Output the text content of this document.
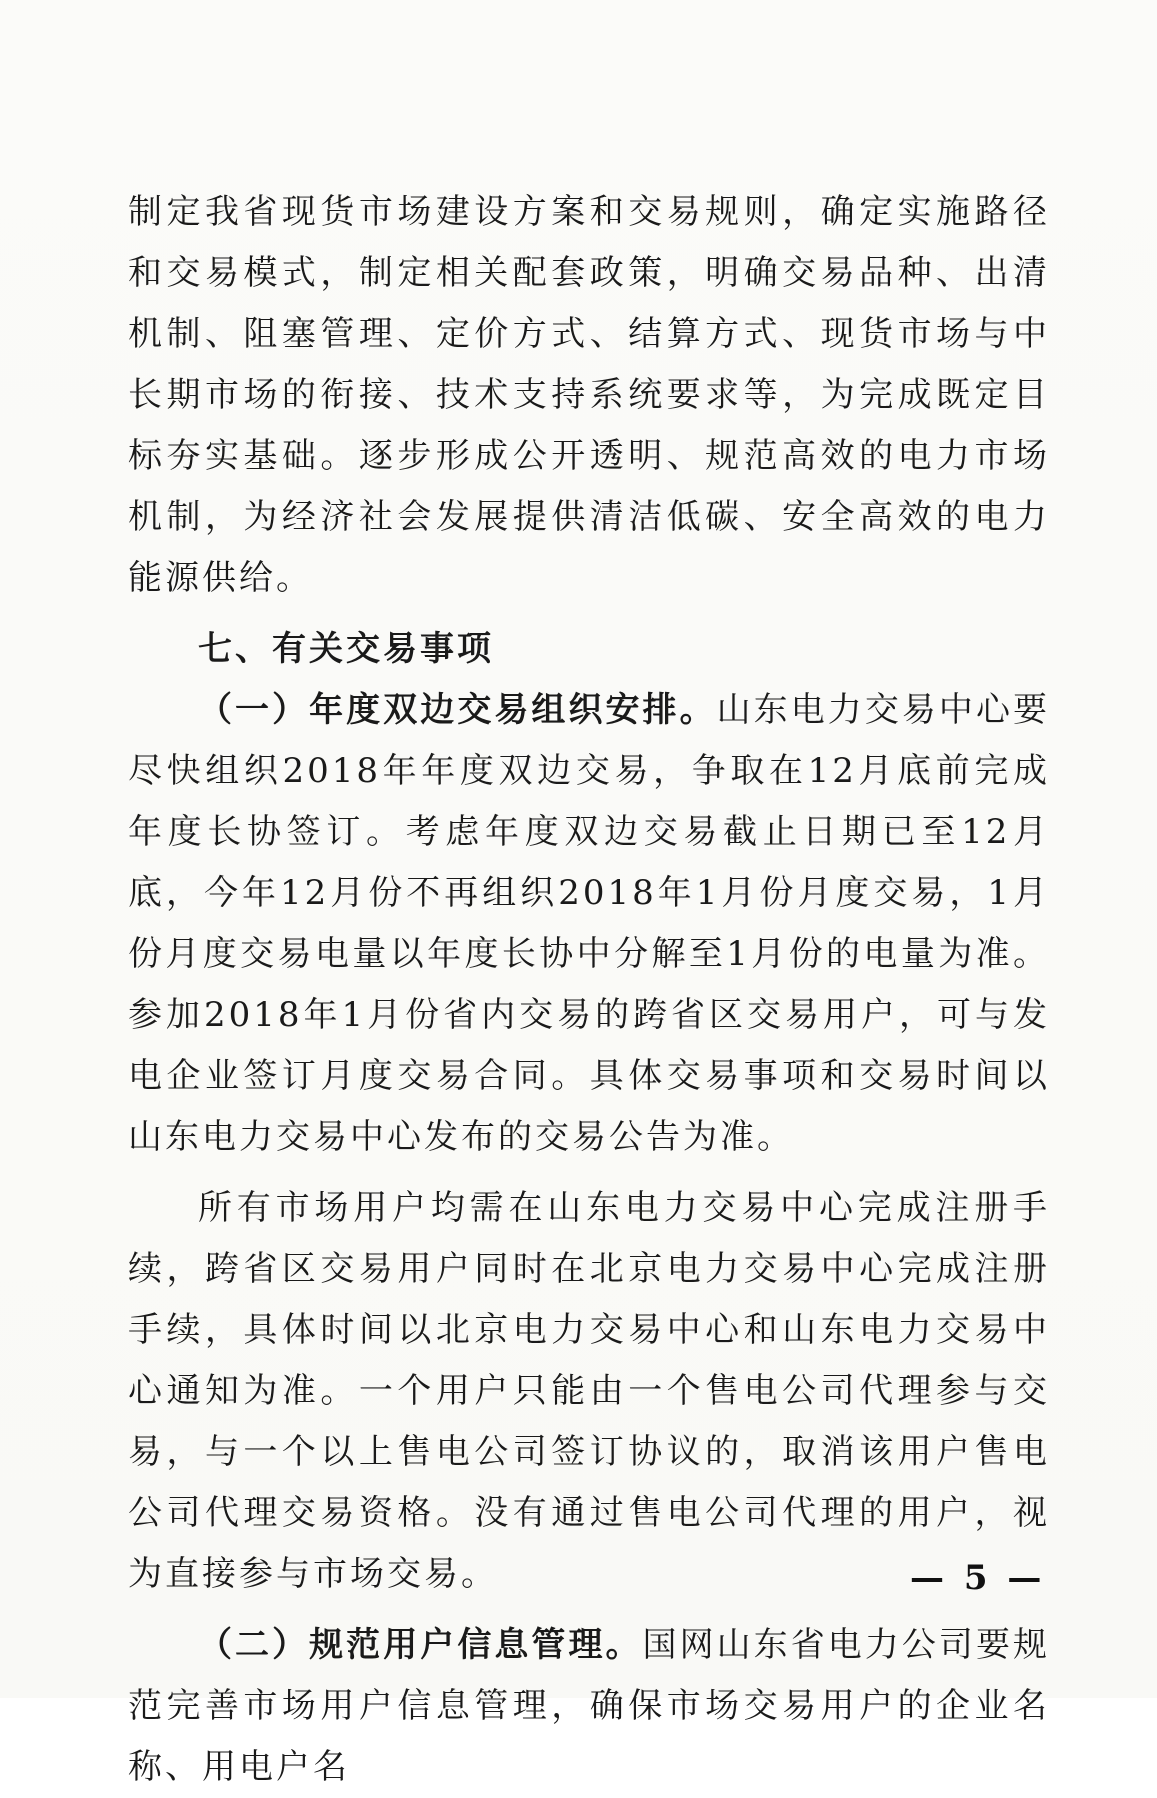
制定我省现货市场建设方案和交易规则，确定实施路径和交易模式，制定相关配套政策，明确交易品种、出清机制、阻塞管理、定价方式、结算方式、现货市场与中长期市场的衔接、技术支持系统要求等，为完成既定目标夯实基础。逐步形成公开透明、规范高效的电力市场机制，为经济社会发展提供清洁低碳、安全高效的电力能源供给。

七、有关交易事项

（一）年度双边交易组织安排。山东电力交易中心要尽快组织2018年年度双边交易，争取在12月底前完成年度长协签订。考虑年度双边交易截止日期已至12月底，今年12月份不再组织2018年1月份月度交易，1月份月度交易电量以年度长协中分解至1月份的电量为准。参加2018年1月份省内交易的跨省区交易用户，可与发电企业签订月度交易合同。具体交易事项和交易时间以山东电力交易中心发布的交易公告为准。

所有市场用户均需在山东电力交易中心完成注册手续，跨省区交易用户同时在北京电力交易中心完成注册手续，具体时间以北京电力交易中心和山东电力交易中心通知为准。一个用户只能由一个售电公司代理参与交易，与一个以上售电公司签订协议的，取消该用户售电公司代理交易资格。没有通过售电公司代理的用户，视为直接参与市场交易。

（二）规范用户信息管理。国网山东省电力公司要规范完善市场用户信息管理，确保市场交易用户的企业名称、用电户名

— 5 —
